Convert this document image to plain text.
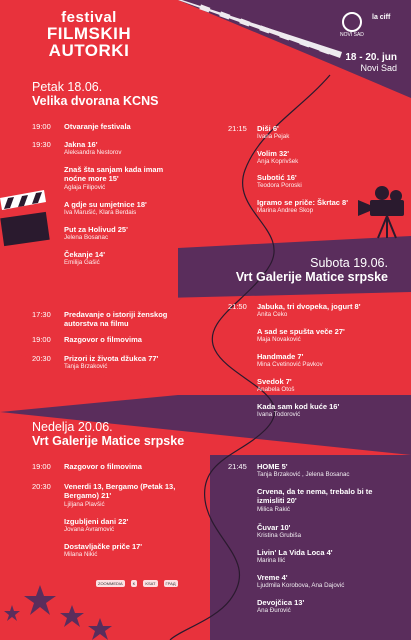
festival
FILMSKIH
AUTORKI
NOVI SAD
la ciff
18 - 20. jun
Novi Sad
Petak 18.06.
Velika dvorana KCNS
19:00	Otvaranje festivala
19:30	Jakna 16'
Aleksandra Nestorov
Znaš šta sanjam kada imam noćne more 15'
Aglaja Filipović
A gdje su umjetnice 18'
Iva Marušić, Klara Berdais
Put za Holivud 25'
Jelena Bosanac
Čekanje 14'
Emilija Gašić
21:15	Diši 6'
Ivana Pejak
Volim 32'
Anja Koprivšek
Subotić 16'
Teodora Poroski
Igramo se priče: Škrtac 8'
Marina Andree Škop
Subota 19.06.
Vrt Galerije Matice srpske
17:30	Predavanje o istoriji ženskog autorstva na filmu
19:00	Razgovor o filmovima
20:30	Prizori iz života džukca 77'
Tanja Brzaković
21:50	Jabuka, tri dvopeka, jogurt 8'
Anita Čeko
A sad se spušta veče 27'
Maja Novaković
Handmade 7'
Mina Cvetinović Pavkov
Svedok 7'
Anabela Otoš
Kada sam kod kuće 16'
Ivana Todorović
Nedelja 20.06.
Vrt Galerije Matice srpske
19:00	Razgovor o filmovima
20:30	Venerdi 13, Bergamo (Petak 13, Bergamo) 21'
Ljiljana Plavšić
Izgubljeni dani 22'
Jovana Avramović
Dostavljačke priče 17'
Milana Nikić
21:45	HOME 5'
Tanja Brzaković , Jelena Bosanac
Crvena, da te nema, trebalo bi te izmisliti 20'
Milica Rakić
Čuvar 10'
Kristina Grubiša
Livin' La Vida Loca 4'
Marina Ilić
Vreme 4'
Ljudmila Korobova, Ana Dajović
Devojčica 13'
Ana Đurović
ZOOMMEDIA	K	KSAT	ГРАД
